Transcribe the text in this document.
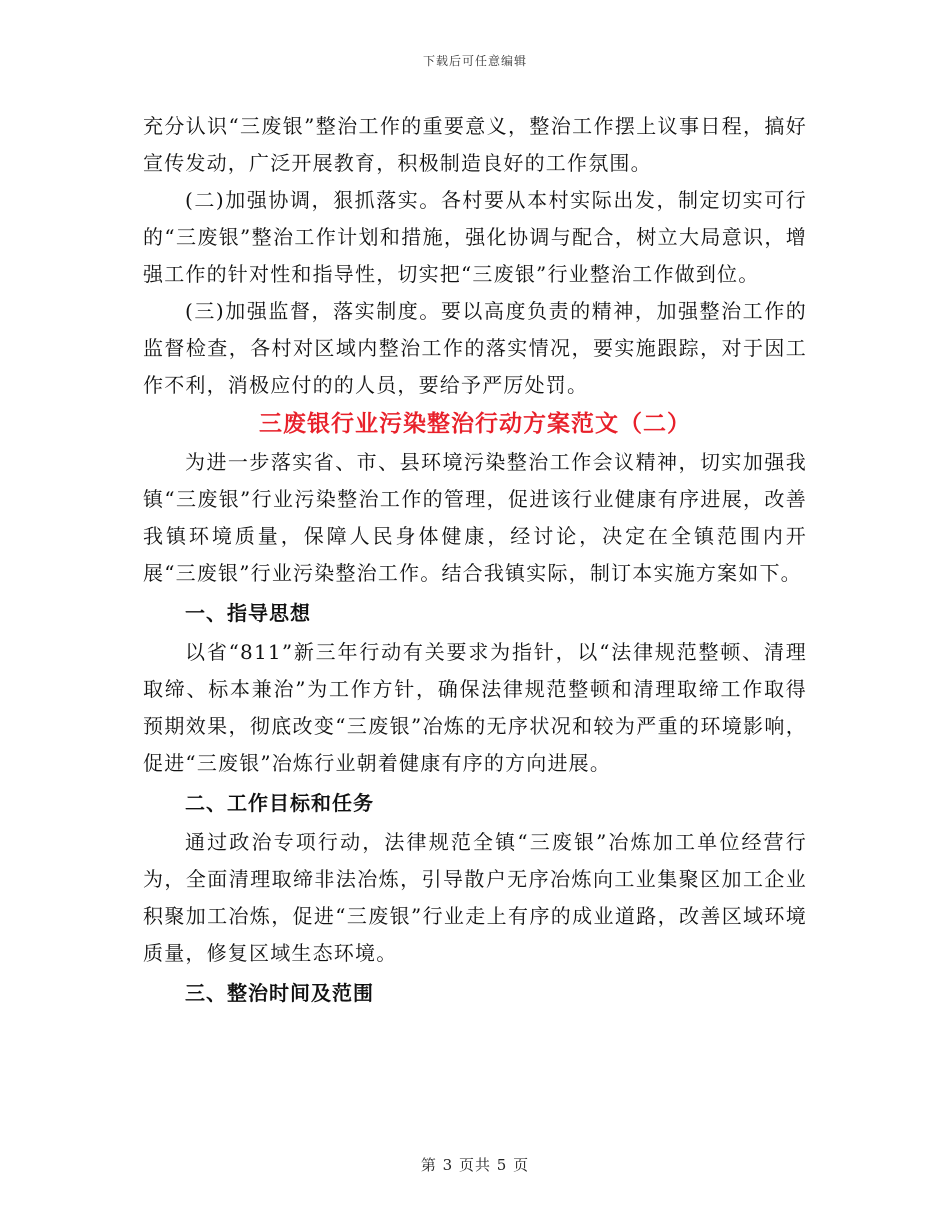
下载后可任意编辑

充分认识“三废银”整治工作的重要意义，整治工作摆上议事日程，搞好宣传发动，广泛开展教育，积极制造良好的工作氛围。

(二)加强协调，狠抓落实。各村要从本村实际出发，制定切实可行的“三废银”整治工作计划和措施，强化协调与配合，树立大局意识，增强工作的针对性和指导性，切实把“三废银”行业整治工作做到位。

(三)加强监督，落实制度。要以高度负责的精神，加强整治工作的监督检查，各村对区域内整治工作的落实情况，要实施跟踪，对于因工作不利，消极应付的的人员，要给予严厉处罚。

三废银行业污染整治行动方案范文（二）

为进一步落实省、市、县环境污染整治工作会议精神，切实加强我镇“三废银”行业污染整治工作的管理，促进该行业健康有序进展，改善我镇环境质量，保障人民身体健康，经讨论，决定在全镇范围内开展“三废银”行业污染整治工作。结合我镇实际，制订本实施方案如下。

一、指导思想

以省“811”新三年行动有关要求为指针，以“法律规范整顿、清理取缔、标本兼治”为工作方针，确保法律规范整顿和清理取缔工作取得预期效果，彻底改变“三废银”冶炼的无序状况和较为严重的环境影响，促进“三废银”冶炼行业朝着健康有序的方向进展。

二、工作目标和任务

通过政治专项行动，法律规范全镇“三废银”冶炼加工单位经营行为，全面清理取缔非法冶炼，引导散户无序冶炼向工业集聚区加工企业积聚加工冶炼，促进“三废银”行业走上有序的成业道路，改善区域环境质量，修复区域生态环境。

三、整治时间及范围
第 3 页共 5 页
